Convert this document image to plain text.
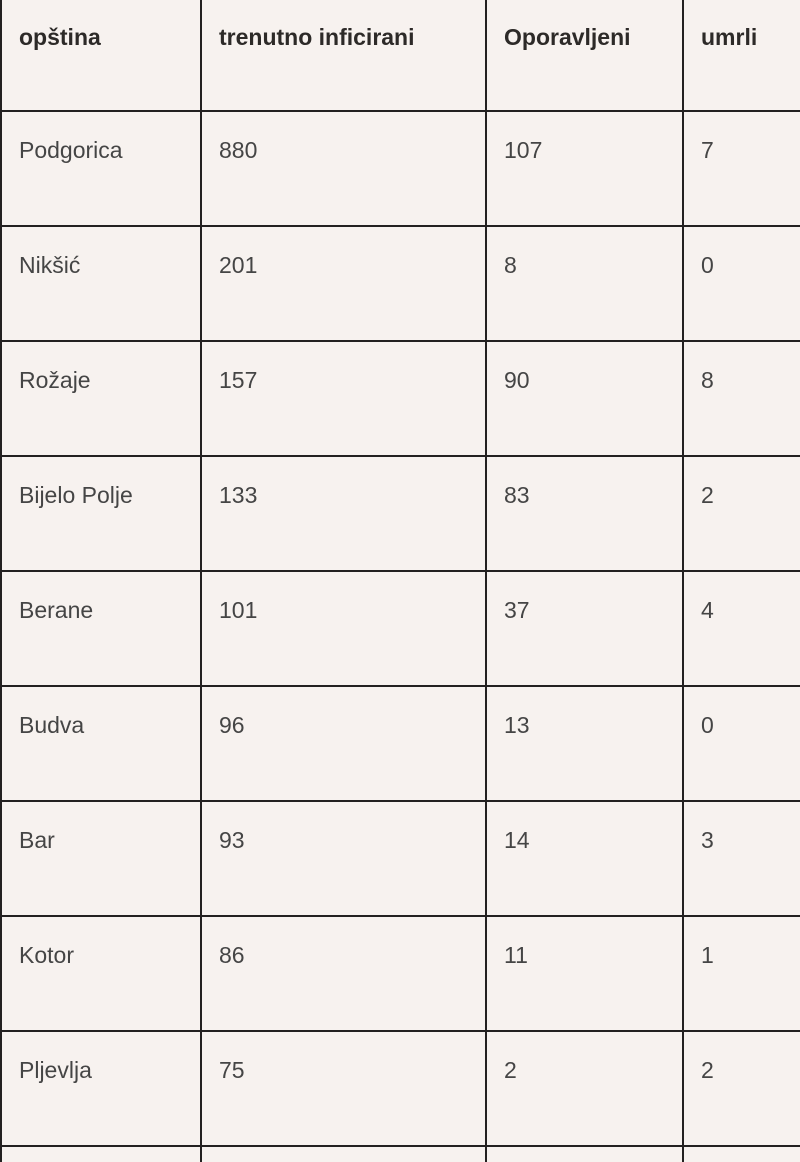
opština	trenutno inficirani	Oporavljeni	umrli
Podgorica	880	107	7
Nikšić	201	8	0
Rožaje	157	90	8
Bijelo Polje	133	83	2
Berane	101	37	4
Budva	96	13	0
Bar	93	14	3
Kotor	86	11	1
Pljevlja	75	2	2
